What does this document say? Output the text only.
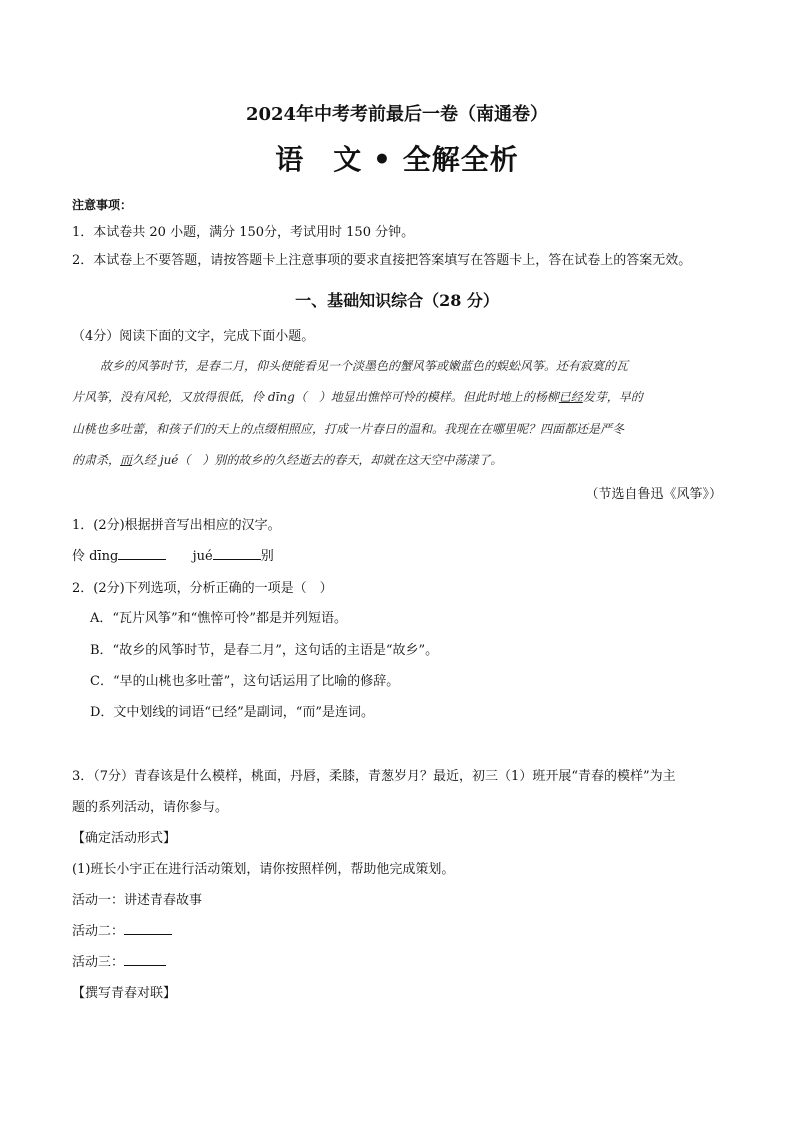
2024年中考考前最后一卷（南通卷）
语　文 • 全解全析
注意事项：
1．本试卷共 20 小题，满分 150分，考试用时 150 分钟。
2．本试卷上不要答题，请按答题卡上注意事项的要求直接把答案填写在答题卡上，答在试卷上的答案无效。
一、基础知识综合（28 分）
（4分）阅读下面的文字，完成下面小题。
故乡的风筝时节，是春二月，仰头便能看见一个淡墨色的蟹风筝或嫩蓝色的蜈蚣风筝。还有寂寞的瓦
片风筝，没有风轮，又放得很低，伶 dīng（　）地显出憔悴可怜的模样。但此时地上的杨柳已经发芽，早的
山桃也多吐蕾，和孩子们的天上的点缀相照应，打成一片春日的温和。我现在在哪里呢？四面都还是严冬
的肃杀，而久经 jué（　）别的故乡的久经逝去的春天，却就在这天空中荡漾了。
（节选自鲁迅《风筝》）
1．(2分)根据拼音写出相应的汉字。
伶 dīng	jué	别
2．(2分)下列选项，分析正确的一项是（　）
A．“瓦片风筝”和“憔悴可怜”都是并列短语。
B．“故乡的风筝时节，是春二月”，这句话的主语是“故乡”。
C．“早的山桃也多吐蕾”，这句话运用了比喻的修辞。
D．文中划线的词语“已经”是副词，“而”是连词。
3．（7分）青春该是什么模样，桃面，丹唇，柔膝，青葱岁月？最近，初三（1）班开展“青春的模样”为主
题的系列活动，请你参与。
【确定活动形式】
(1)班长小宇正在进行活动策划，请你按照样例，帮助他完成策划。
活动一：讲述青春故事
活动二：
活动三：
【撰写青春对联】
